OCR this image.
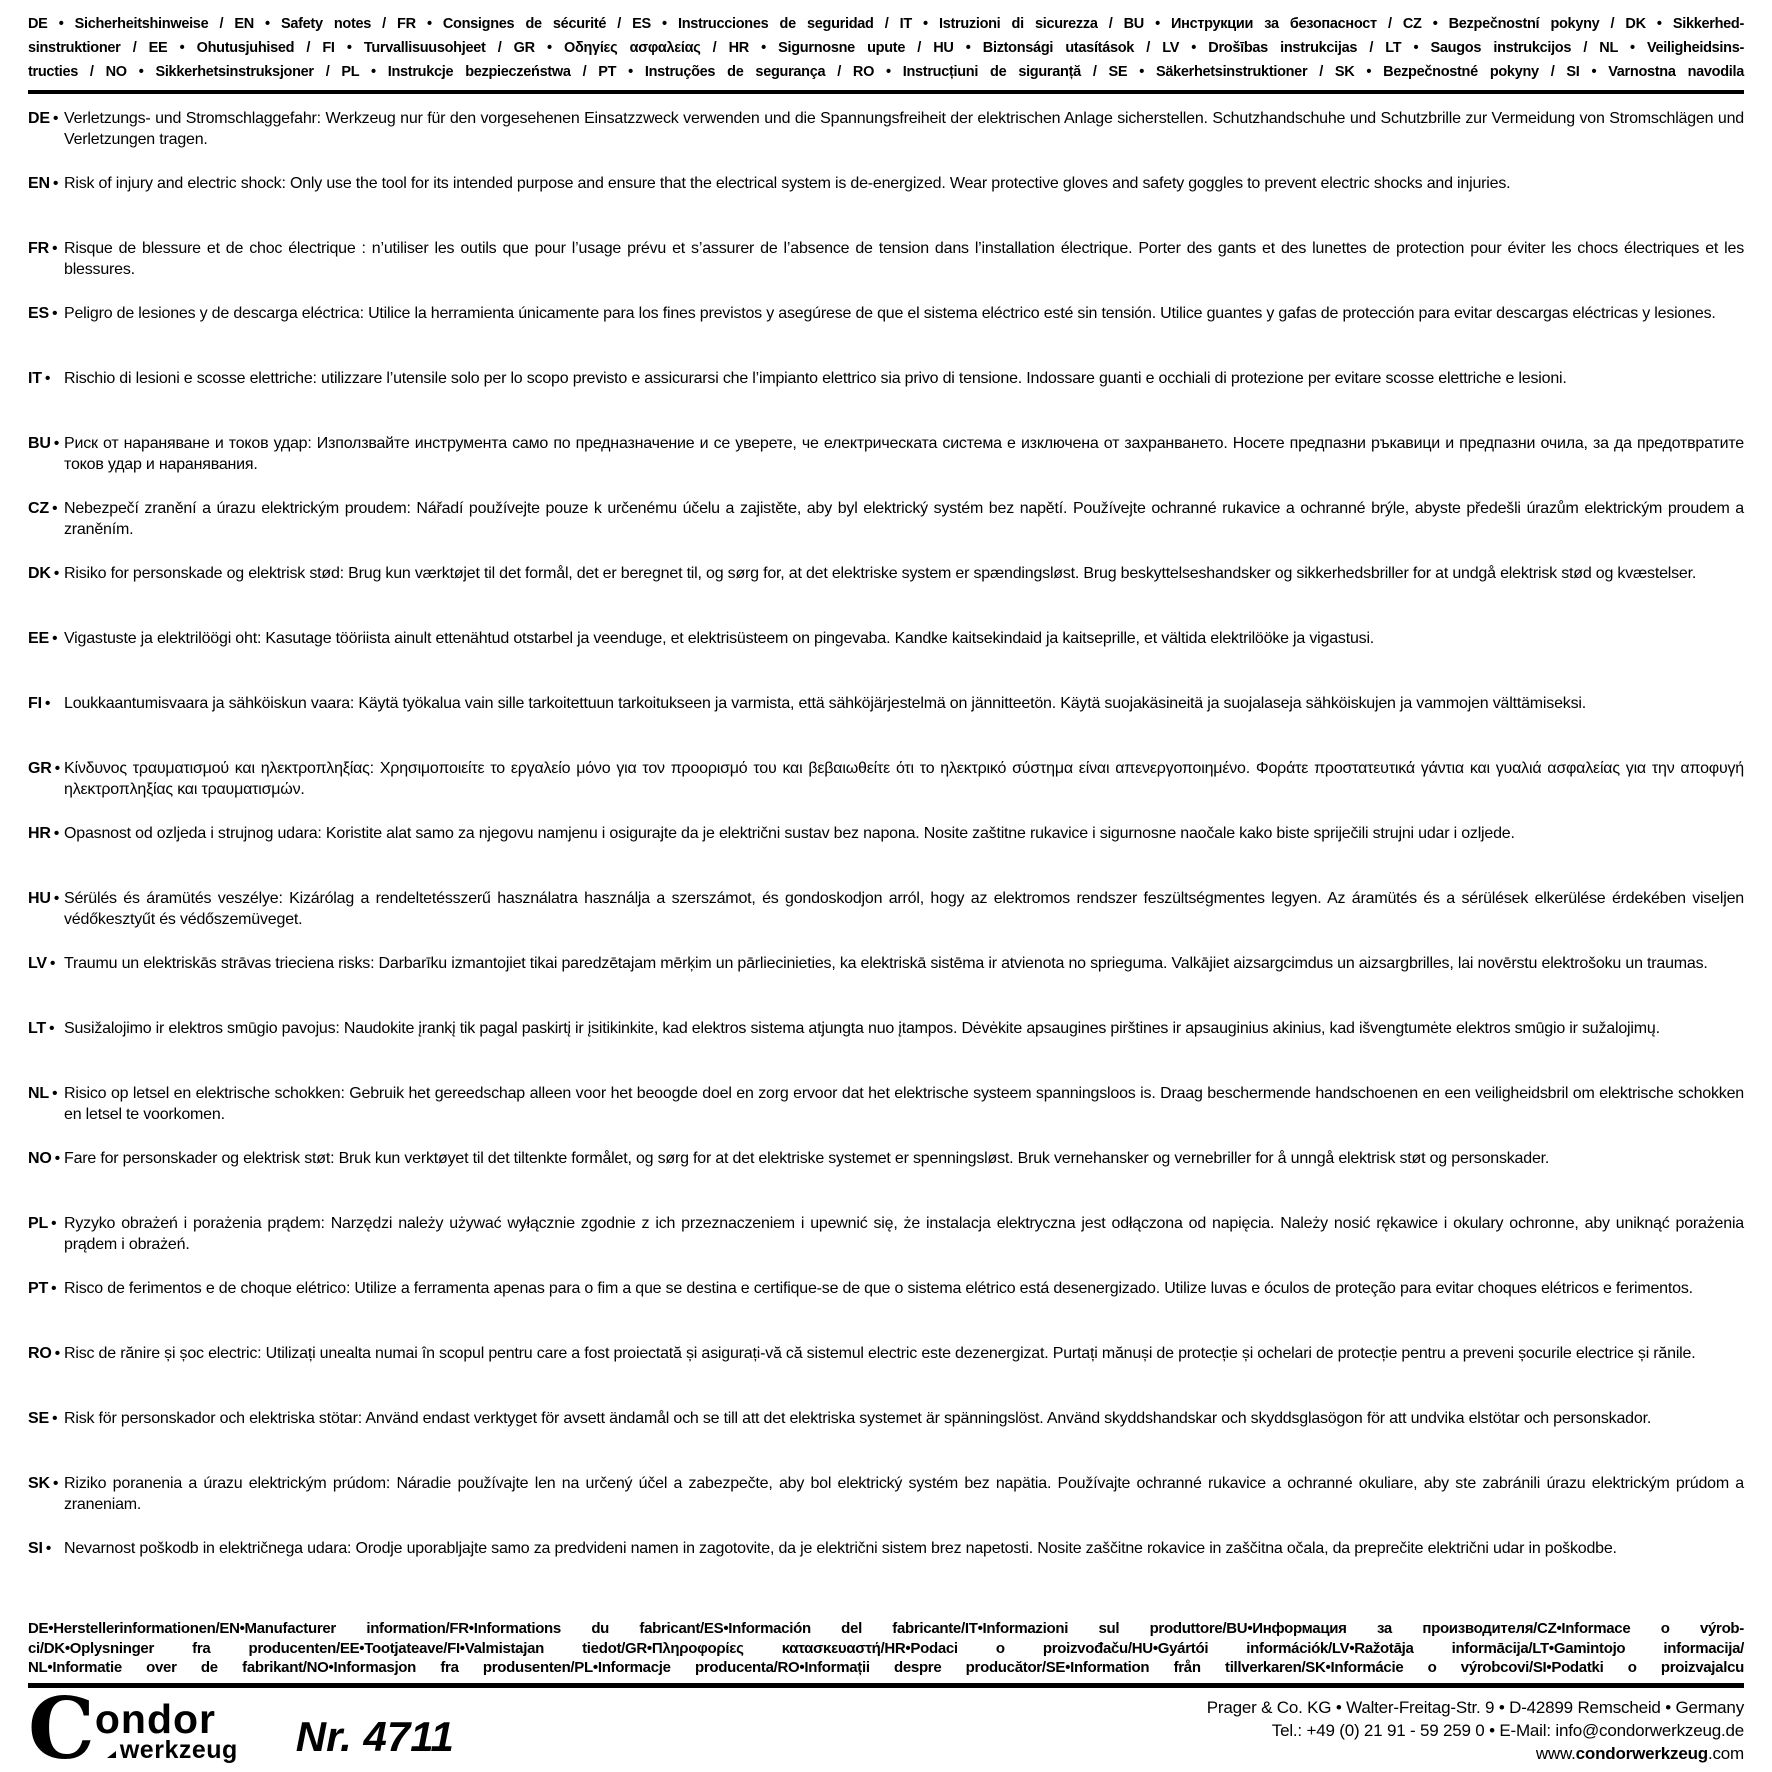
DE • Sicherheitshinweise / EN • Safety notes / FR • Consignes de sécurité / ES • Instrucciones de seguridad / IT • Istruzioni di sicurezza / BU • Инструкции за безопасност / CZ • Bezpečnostní pokyny / DK • Sikkerhed-
sinstruktioner / EE • Ohutusjuhised / FI • Turvallisuusohjeet / GR • Οδηγίες ασφαλείας / HR • Sigurnosne upute / HU • Biztonsági utasítások / LV • Drošības instrukcijas / LT • Saugos instrukcijos / NL • Veiligheidsins-
tructies / NO • Sikkerhetsinstruksjoner / PL • Instrukcje bezpieczeństwa / PT • Instruções de segurança / RO • Instrucțiuni de siguranță / SE • Säkerhetsinstruktioner / SK • Bezpečnostné pokyny / SI • Varnostna navodila
DE • Verletzungs- und Stromschlaggefahr: Werkzeug nur für den vorgesehenen Einsatzzweck verwenden und die Spannungsfreiheit der elektrischen Anlage sicherstellen. Schutzhandschuhe und Schutzbrille zur Vermeidung von Stromschlägen und Verletzungen tragen.
EN • Risk of injury and electric shock: Only use the tool for its intended purpose and ensure that the electrical system is de-energized. Wear protective gloves and safety goggles to prevent electric shocks and injuries.
FR • Risque de blessure et de choc électrique : n’utiliser les outils que pour l’usage prévu et s’assurer de l’absence de tension dans l’installation électrique. Porter des gants et des lunettes de protection pour éviter les chocs électriques et les blessures.
ES • Peligro de lesiones y de descarga eléctrica: Utilice la herramienta únicamente para los fines previstos y asegúrese de que el sistema eléctrico esté sin tensión. Utilice guantes y gafas de protección para evitar descargas eléctricas y lesiones.
IT • Rischio di lesioni e scosse elettriche: utilizzare l’utensile solo per lo scopo previsto e assicurarsi che l’impianto elettrico sia privo di tensione. Indossare guanti e occhiali di protezione per evitare scosse elettriche e lesioni.
BU • Риск от нараняване и токов удар: Използвайте инструмента само по предназначение и се уверете, че електрическата система е изключена от захранването. Носете предпазни ръкавици и предпазни очила, за да предотвратите токов удар и наранявания.
CZ • Nebezpečí zranění a úrazu elektrickým proudem: Nářadí používejte pouze k určenému účelu a zajistěte, aby byl elektrický systém bez napětí. Používejte ochranné rukavice a ochranné brýle, abyste předešli úrazům elektrickým proudem a zraněním.
DK • Risiko for personskade og elektrisk stød: Brug kun værktøjet til det formål, det er beregnet til, og sørg for, at det elektriske system er spændingsløst. Brug beskyttelseshandsker og sikkerhedsbriller for at undgå elektrisk stød og kvæstelser.
EE • Vigastuste ja elektrilöögi oht: Kasutage tööriista ainult ettenähtud otstarbel ja veenduge, et elektrisüsteem on pingevaba. Kandke kaitsekindaid ja kaitseprille, et vältida elektrilööke ja vigastusi.
FI • Loukkaantumisvaara ja sähköiskun vaara: Käytä työkalua vain sille tarkoitettuun tarkoitukseen ja varmista, että sähköjärjestelmä on jännitteetön. Käytä suojakäsineitä ja suojalaseja sähköiskujen ja vammojen välttämiseksi.
GR • Κίνδυνος τραυματισμού και ηλεκτροπληξίας: Χρησιμοποιείτε το εργαλείο μόνο για τον προορισμό του και βεβαιωθείτε ότι το ηλεκτρικό σύστημα είναι απενεργοποιημένο. Φοράτε προστατευτικά γάντια και γυαλιά ασφαλείας για την αποφυγή ηλεκτροπληξίας και τραυματισμών.
HR • Opasnost od ozljeda i strujnog udara: Koristite alat samo za njegovu namjenu i osigurajte da je električni sustav bez napona. Nosite zaštitne rukavice i sigurnosne naočale kako biste spriječili strujni udar i ozljede.
HU • Sérülés és áramütés veszélye: Kizárólag a rendeltetésszerű használatra használja a szerszámot, és gondoskodjon arról, hogy az elektromos rendszer feszültségmentes legyen. Az áramütés és a sérülések elkerülése érdekében viseljen védőkesztyűt és védőszemüveget.
LV • Traumu un elektriskās strāvas trieciena risks: Darbarīku izmantojiet tikai paredzētajam mērķim un pārliecinieties, ka elektriskā sistēma ir atvienota no sprieguma. Valkājiet aizsargcimdus un aizsargbrilles, lai novērstu elektrošoku un traumas.
LT • Susižalojimo ir elektros smūgio pavojus: Naudokite įrankį tik pagal paskirtį ir įsitikinkite, kad elektros sistema atjungta nuo įtampos. Dėvėkite apsaugines pirštines ir apsauginius akinius, kad išvengtumėte elektros smūgio ir sužalojimų.
NL • Risico op letsel en elektrische schokken: Gebruik het gereedschap alleen voor het beoogde doel en zorg ervoor dat het elektrische systeem spanningsloos is. Draag beschermende handschoenen en een veiligheidsbril om elektrische schokken en letsel te voorkomen.
NO • Fare for personskader og elektrisk støt: Bruk kun verktøyet til det tiltenkte formålet, og sørg for at det elektriske systemet er spenningsløst. Bruk vernehansker og vernebriller for å unngå elektrisk støt og personskader.
PL • Ryzyko obrażeń i porażenia prądem: Narzędzi należy używać wyłącznie zgodnie z ich przeznaczeniem i upewnić się, że instalacja elektryczna jest odłączona od napięcia. Należy nosić rękawice i okulary ochronne, aby uniknąć porażenia prądem i obrażeń.
PT • Risco de ferimentos e de choque elétrico: Utilize a ferramenta apenas para o fim a que se destina e certifique-se de que o sistema elétrico está desenergizado. Utilize luvas e óculos de proteção para evitar choques elétricos e ferimentos.
RO • Risc de rănire și șoc electric: Utilizați unealta numai în scopul pentru care a fost proiectată și asigurați-vă că sistemul electric este dezenergizat. Purtați mănuși de protecție și ochelari de protecție pentru a preveni șocurile electrice și rănile.
SE • Risk för personskador och elektriska stötar: Använd endast verktyget för avsett ändamål och se till att det elektriska systemet är spänningslöst. Använd skyddshandskar och skyddsglasögon för att undvika elstötar och personskador.
SK • Riziko poranenia a úrazu elektrickým prúdom: Náradie používajte len na určený účel a zabezpečte, aby bol elektrický systém bez napätia. Používajte ochranné rukavice a ochranné okuliare, aby ste zabránili úrazu elektrickým prúdom a zraneniam.
SI • Nevarnost poškodb in električnega udara: Orodje uporabljajte samo za predvideni namen in zagotovite, da je električni sistem brez napetosti. Nosite zaščitne rokavice in zaščitna očala, da preprečite električni udar in poškodbe.
DE•Herstellerinformationen/EN•Manufacturer information/FR•Informations du fabricant/ES•Información del fabricante/IT•Informazioni sul produttore/BU•Информация за производителя/CZ•Informace o výrob-
ci/DK•Oplysninger fra producenten/EE•Tootjateave/FI•Valmistajan tiedot/GR•Πληροφορίες κατασκευαστή/HR•Podaci o proizvođaču/HU•Gyártói információk/LV•Ražotāja informācija/LT•Gamintojo informacija/
NL•Informatie over de fabrikant/NO•Informasjon fra produsenten/PL•Informacje producenta/RO•Informații despre producător/SE•Information från tillverkaren/SK•Informácie o výrobcovi/SI•Podatki o proizvajalcu
C ondor
werkzeug Nr. 4711
Prager & Co. KG • Walter-Freitag-Str. 9 • D-42899 Remscheid • Germany
Tel.: +49 (0) 21 91 - 59 259 0 • E-Mail: info@condorwerkzeug.de
www.condorwerkzeug.com
